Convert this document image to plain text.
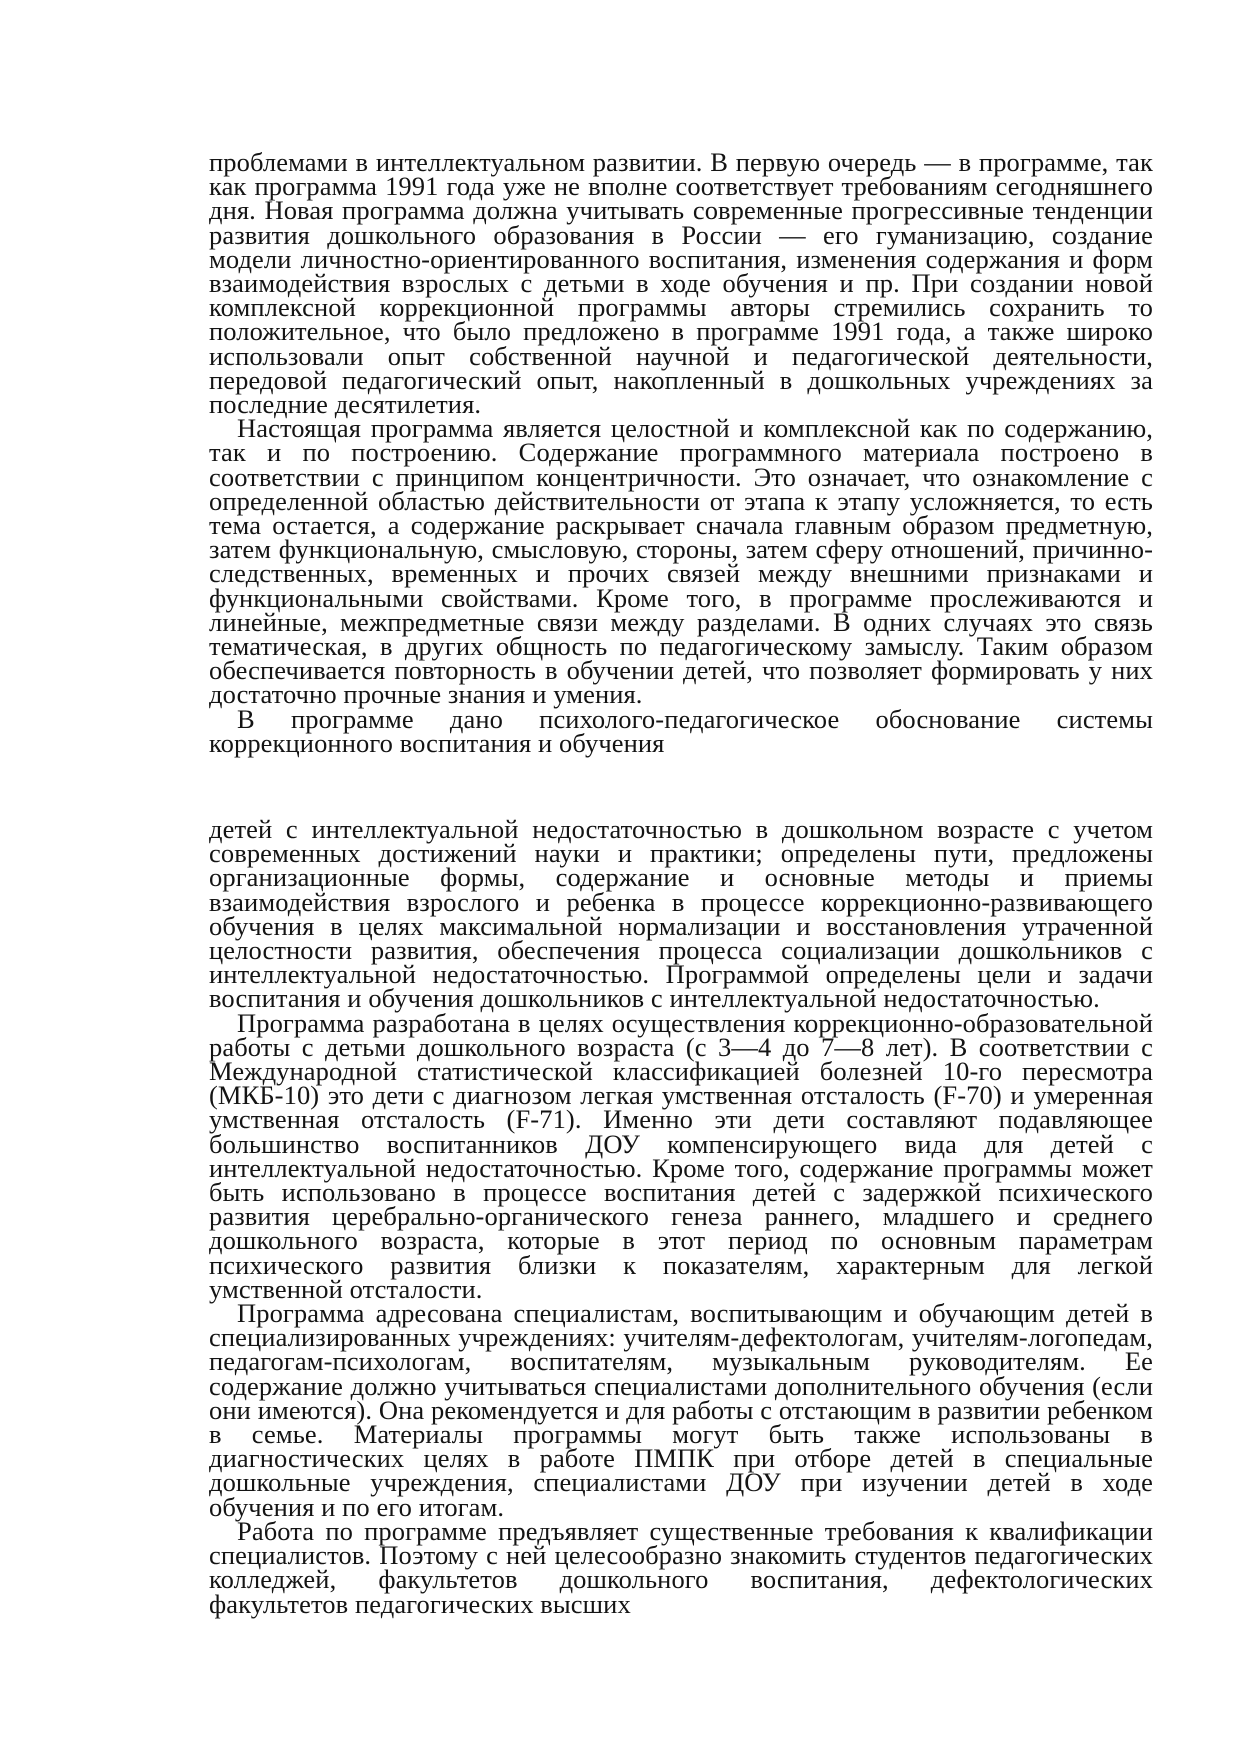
проблемами в интеллектуальном развитии. В первую очередь — в программе, так как программа 1991 года уже не вполне соответствует требованиям сегодняшнего дня. Новая программа должна учитывать современные прогрессивные тенденции развития дошкольного образования в России — его гуманизацию, создание модели личностно-ориентированного воспитания, изменения содержания и форм взаимодействия взрослых с детьми в ходе обучения и пр. При создании новой комплексной коррекционной программы авторы стремились сохранить то положительное, что было предложено в программе 1991 года, а также широко использовали опыт собственной научной и педагогической деятельности, передовой педагогический опыт, накопленный в дошкольных учреждениях за последние десятилетия.

Настоящая программа является целостной и комплексной как по содержанию, так и по построению. Содержание программного материала построено в соответствии с принципом концентричности. Это означает, что ознакомление с определенной областью действительности от этапа к этапу усложняется, то есть тема остается, а содержание раскрывает сначала главным образом предметную, затем функциональную, смысловую, стороны, затем сферу отношений, причинно-следственных, временных и прочих связей между внешними признаками и функциональными свойствами. Кроме того, в программе прослеживаются и линейные, межпредметные связи между разделами. В одних случаях это связь тематическая, в других общность по педагогическому замыслу. Таким образом обеспечивается повторность в обучении детей, что позволяет формировать у них достаточно прочные знания и умения.

В программе дано психолого-педагогическое обоснование системы коррекционного воспитания и обучения

детей с интеллектуальной недостаточностью в дошкольном возрасте с учетом современных достижений науки и практики; определены пути, предложены организационные формы, содержание и основные методы и приемы взаимодействия взрослого и ребенка в процессе коррекционно-развивающего обучения в целях максимальной нормализации и восстановления утраченной целостности развития, обеспечения процесса социализации дошкольников с интеллектуальной недостаточностью. Программой определены цели и задачи воспитания и обучения дошкольников с интеллектуальной недостаточностью.

Программа разработана в целях осуществления коррекционно-образовательной работы с детьми дошкольного возраста (с 3—4 до 7—8 лет). В соответствии с Международной статистической классификацией болезней 10-го пересмотра (МКБ-10) это дети с диагнозом легкая умственная отсталость (F-70) и умеренная умственная отсталость (F-71). Именно эти дети составляют подавляющее большинство воспитанников ДОУ компенсирующего вида для детей с интеллектуальной недостаточностью. Кроме того, содержание программы может быть использовано в процессе воспитания детей с задержкой психического развития церебрально-органического генеза раннего, младшего и среднего дошкольного возраста, которые в этот период по основным параметрам психического развития близки к показателям, характерным для легкой умственной отсталости.

Программа адресована специалистам, воспитывающим и обучающим детей в специализированных учреждениях: учителям-дефектологам, учителям-логопедам, педагогам-психологам, воспитателям, музыкальным руководителям. Ее содержание должно учитываться специалистами дополнительного обучения (если они имеются). Она рекомендуется и для работы с отстающим в развитии ребенком в семье. Материалы программы могут быть также использованы в диагностических целях в работе ПМПК при отборе детей в специальные дошкольные учреждения, специалистами ДОУ при изучении детей в ходе обучения и по его итогам.

Работа по программе предъявляет существенные требования к квалификации специалистов. Поэтому с ней целесообразно знакомить студентов педагогических колледжей, факультетов дошкольного воспитания, дефектологических факультетов педагогических высших
